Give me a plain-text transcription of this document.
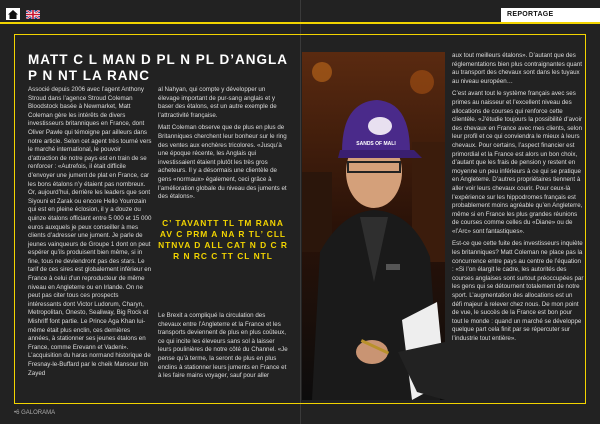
REPORTAGE
MATT C L MAN D PL N PL D’ANGLA P N NT LA RANC

Associé depuis 2006 avec l’agent Anthony Stroud dans l’agence Stroud Coleman Bloodstock basée à Newmarket, Matt Coleman gère les intérêts de divers investisseurs britanniques en France, dont Oliver Pawle qui témoigne par ailleurs dans notre article. Selon cet agent très tourné vers le marché international, le pouvoir d’attraction de notre pays est en train de se renforcer : «Autrefois, il était difficile d’envoyer une jument de plat en France, car les bons étalons n’y étaient pas nombreux. Or, aujourd’hui, derrière les leaders que sont Siyouni et Zarak ou encore Hello Youmzain qui est en pleine éclosion, il y a douze ou quinze étalons officiant entre 5 000 et 15 000 euros auxquels je peux conseiller à mes clients d’adresser une jument. Je parle de jeunes vainqueurs de Groupe 1 dont on peut espérer qu’ils produisent bien même, si in fine, tous ne deviendront pas des stars. Le tarif de ces sires est globalement inférieur en France à celui d’un reproducteur de même niveau en Angleterre ou en Irlande. On ne peut pas citer tous ces prospects intéressants dont Victor Ludorum, Charyn, Metropolitan, Onesto, Sealiway, Big Rock et Mishriff font partie. Le Prince Aga Khan lui-même était plus enclin, ces dernières années, à stationner ses jeunes étalons en France, comme Erevann et Vadeni». L’acquisition du haras normand historique de Fresnay-le-Buffard par le cheik Mansour bin Zayed

al Nahyan, qui compte y développer un élevage important de pur-sang anglais et y baser des étalons, est un autre exemple de l’attractivité française.

Matt Coleman observe que de plus en plus de Britanniques cherchent leur bonheur sur le ring des ventes aux enchères tricolores. «Jusqu’à une époque récente, les Anglais qui investissaient étaient plutôt les très gros acheteurs. Il y a désormais une clientèle de gens «normaux» également, ceci grâce à l’amélioration globale du niveau des juments et des étalons».

C’ TAVANTT TL TM RANA AV C PRM A NA R TL’ CLL NTNVA D ALL CAT N D C R R N RC C TT CL NTL

Le Brexit a compliqué la circulation des chevaux entre l’Angleterre et la France et les transports deviennent de plus en plus coûteux, ce qui incite les éleveurs sans sol à laisser leurs poulinières de notre côté du Channel. «Je pense qu’à terme, la seront de plus en plus enclins à stationner leurs juments en France et à les faire mains voyager, sauf pour aller

SANDS OF MALI

aux tout meilleurs étalons». D’autant que des réglementations bien plus contraignantes quant au transport des chevaux sont dans les tuyaux au niveau européen…

C’est avant tout le système français avec ses primes au naisseur et l’excellent niveau des allocations de courses qui renforce cette clientèle. «J’étudie toujours la possibilité d’avoir des chevaux en France avec mes clients, selon leur profil et ce qui conviendra le mieux à leurs chevaux. Pour certains, l’aspect financier est primordial et la France est alors un bon choix, d’autant que les frais de pension y restent en moyenne un peu inférieurs à ce qui se pratique en Angleterre. D’autres propriétaires tiennent à aller voir leurs chevaux courir. Pour ceux-là l’expérience sur les hippodromes français est probablement moins agréable qu’en Angleterre, même si en France les plus grandes réunions de courses comme celles du «Diane» ou de «l’Arc» sont fantastiques».

Est-ce que cette fuite des investisseurs inquiète les britanniques? Matt Coleman ne place pas la concurrence entre pays au centre de l’équation : «Si l’on élargit le cadre, les autorités des courses anglaises sont surtout préoccupées par les gens qui se détournent totalement de notre sport. L’augmentation des allocations est un défi majeur à relever chez nous. De mon point de vue, le succès de la France est bon pour tout le monde : quand un marché se développe quelque part cela finit par se répercuter sur l’industrie tout entière».

•6 GALORAMA
